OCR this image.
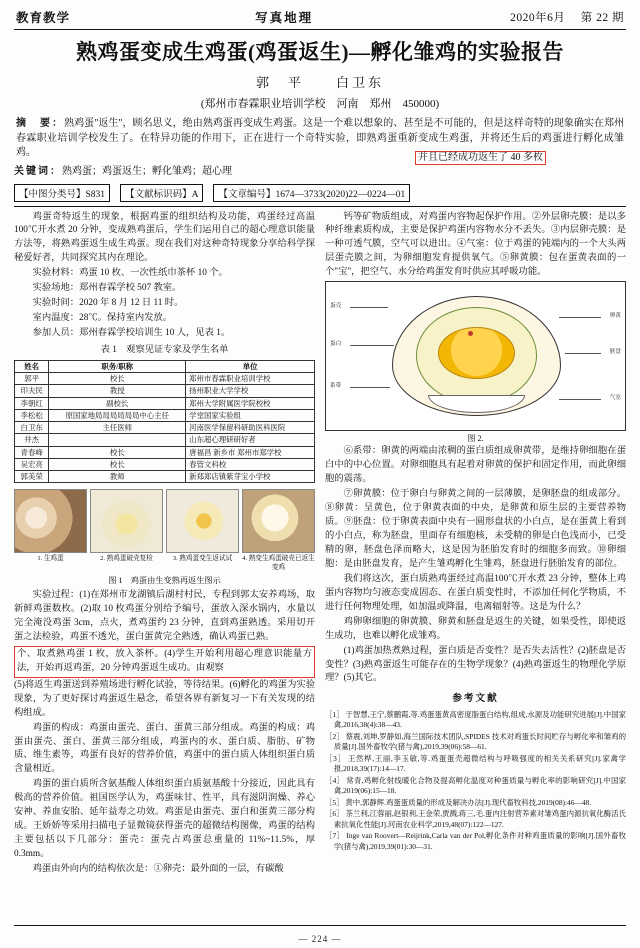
教育教学	写真地理	2020年6月 第 22 期
熟鸡蛋变成生鸡蛋(鸡蛋返生)—孵化雏鸡的实验报告
郭　平　　白卫东
(郑州市春霖职业培训学校　河南　郑州　450000)
摘　要：熟鸡蛋"返生"，顾名思义，绝由熟鸡蛋再变成生鸡蛋。这是一个难以想象的、甚至是不可能的，但是这样奇特的现象确实在郑州春霖职业培训学校发生了。在特异功能的作用下，正在进行一个奇特实验，即熟鸡蛋重新变成生鸡蛋，并将还生后的鸡蛋进行孵化成雏鸡。
关键词：熟鸡蛋；鸡蛋返生；孵化雏鸡；超心理
并且已经成功返生了 40 多枚
【中图分类号】S831	【文献标识码】A	【文章编号】1674—3733(2020)22—0224—01

鸡蛋奇特返生的现象，根据鸡蛋的组织结构及功能，鸡蛋经过高温100℃开水煮 20 分钟，变成熟鸡蛋后，学生们运用自己的超心理意识能量方法等，将熟鸡蛋返生成生鸡蛋。现在我们对这种奇特现象分享给科学探秘爱好者，共同探究其内在理论。

实验材料：鸡蛋 10 枚、一次性纸巾茶杯 10 个。

实验场地：郑州春霖学校 507 教室。

实验时间：2020 年 8 月 12 日 11 时。

室内温度：28℃。保持室内发放。

参加人员：郑州春霖学校培训生 10 人，见表 1。

表 1　观察见证专家及学生名单
姓名	职务/职称	单位
郭平	校长	郑州市春霖职业培训学校
印夫民	教授	扬州职业大学学校
李朝红	副校长	郑州大学附属医学院校校
李松松	原国家地局局局局局局中心主任	学堂国家实验组
白卫东	主任医师	河南医学保留科研助医科医院
井杰		山东超心理研研好者
青春峰	校长	唐福昌 新乡市 郑州市郑学校
吴宏亮	校长	春管文科校
郭美荣	教师	新郑郑店镇紫芽宝小学校
1. 生鸡蛋	2. 熟鸡蛋破壳复检	3. 熟鸡蛋变生返试试	4. 熟变生鸡蛋破壳已返生变鸡
图 1　鸡蛋由生变熟再返生图示

实验过程：(1)在郑州市龙湖镇后湖村村民，专程到郭太安养鸡场，取新鲜鸡蛋数枚。(2)取 10 枚鸡蛋分别给予编号，蛋放入深水锅内，水量以完全淹没鸡蛋 3cm，点火，煮鸡蛋约 23 分钟，直到鸡蛋熟透。采用切开蛋之法检验，鸡蛋不透光，蛋白蛋黄完全熟透，确认鸡蛋已熟。

个、取煮熟鸡蛋 1 枚，放入茶杯。(4)学生开始利用超心理意识能量方法，开始再返鸡蛋，20 分钟鸡蛋返生成功。由观察

(5)将返生鸡蛋送到养殖场进行孵化试验，等待结果。(6)孵化的鸡蛋为实验现象，为了更好探讨鸡蛋返生悬念，希望各界有新复习一下有关发现的结构组成。

鸡蛋的构成：鸡蛋由蛋壳、蛋白、蛋黄三部分组成。鸡蛋的构成：鸡蛋由蛋壳、蛋白、蛋黄三部分组成，鸡蛋内的水、蛋白质、脂肪、矿物质、维生素等，鸡蛋有良好的营养价值，鸡蛋中的蛋白质人体组织蛋白质含量相近。

鸡蛋的蛋白质所含氨基酸人体组织蛋白质氨基酸十分接近，因此具有极高的营养价值。祖国医学认为，鸡蛋味甘、性平，具有滋阴润燥、养心安神、养血安胎、延年益寿之功效。鸡蛋是由蛋壳、蛋白和蛋黄三部分构成。王娇娇等采用扫描电子显微镜获得蛋壳的超微结构图像，鸡蛋的结构主要包括以下几部分：蛋壳：蛋壳占鸡蛋总重量的 11%~11.5%，厚 0.3mm。

鸡蛋由外向内的结构依次是：①卵壳：最外面的一层，有碳酸

钙等矿物质组成，对鸡蛋内容物起保护作用。②外层卵壳膜：是以多种纤维素质构成，主要是保护鸡蛋内容物水分不丢失。③内层卵壳膜：是一种可透气膜，空气可以进出。④气室：位于鸡蛋的钝端内的一个大头两层蛋壳膜之间，为卵细胞发育提供氧气。⑤卵黄膜：包在蛋黄表面的一个"宝"，把空气、水分给鸡蛋发育时供应其呼吸功能。

蛋壳
蛋白
系带
卵黄
胚盘
气室
图 2.

⑥系带：卵黄的两端由浓稠的蛋白质组成卵黄带，是维持卵细胞在蛋白中的中心位置。对卵细胞具有起着对卵黄的保护和固定作用，而此卵细胞的震荡。

⑦卵黄膜：位于卵白与卵黄之间的一层薄膜，是卵胚盘的组成部分。⑧卵黄：呈黄色，位于卵黄表面的中央，是卵黄和原生层的主要营养物质。⑨胚盘：位于卵黄表面中央有一圆形盘状的小白点，是在蛋黄上看到的小白点，称为胚盘，里面存有细胞核，未受精的卵是白色浅而小，已受精的卵，胚盘色泽而略大，这是因为胚胎发育时的细胞多而致。⑩卵细胞：是由胚盘发育，是产生雏鸡孵化生雏鸡，胚盘进行胚胎发育的部位。

我们将这次，蛋白质熟鸡蛋经过高温100℃开水煮 23 分钟，整体上鸡蛋内容物均匀液态变成固态、在蛋白质变性时，不添加任何化学物质，不进行任何物理处理，如加温或降温，电离辐射等。这是为什么？

鸡卵卵细胞的卵黄膜、卵黄和胚盘是返生的关键，如果受性，即使返生成功，也难以孵化成雏鸡。

(1)鸡蛋加热煮熟过程，蛋白质是否变性？是否失去活性？(2)胚盘是否变性？(3)熟鸡蛋返生可能存在的生物学现象？(4)熟鸡蛋返生的物理化学原理？(5)其它。

参考文献

［1］ 于智慧,王宁,蔡鹏霞,等.鸡蛋蛋黄高密度脂蛋白结构,组成,水源及功能研究进展[J].中国家禽,2016,38(4):38—43.

［2］ 蔡震,刘坤,罗静如,海兰国际技术团队,SPIDES 技术对鸡蛋长时间贮存与孵化率和雏鸡的质量[J].国外畜牧学(猪与禽),2019,39(06):58—61.

［3］ 王然桦,王丽,李玉敏,等.鸡蛋蛋壳超微结构与呼吸强度的相关关系研究[J].家禽学报,2018,39(17):14—17.

［4］ 常青,鸡孵化射线暖化合物及提高孵化温度对种蛋质量与孵化率的影响研究[J].中国家禽,2019(06):15—18.

［5］ 黄中,郭静辉.鸡蛋蛋质量的形成及解决办法[J].现代畜牧科技,2019(08):46—48.

［6］ 茶兰利,江蓉丽,赵银利,王金荣,贾溅,蒋三,毛.蛋内注射营养素对雏鸡蛋内源抗氧化酶活氏素抗氧化性能[J].河南农业科学,2019,48(07):122—127.

［7］ Inge van Roovert—Reijrink,Carla van der Pol,孵化条件对种鸡蛋质量的影响[J].国外畜牧学(猪与禽),2019,39(01):30—31.

— 224 —
